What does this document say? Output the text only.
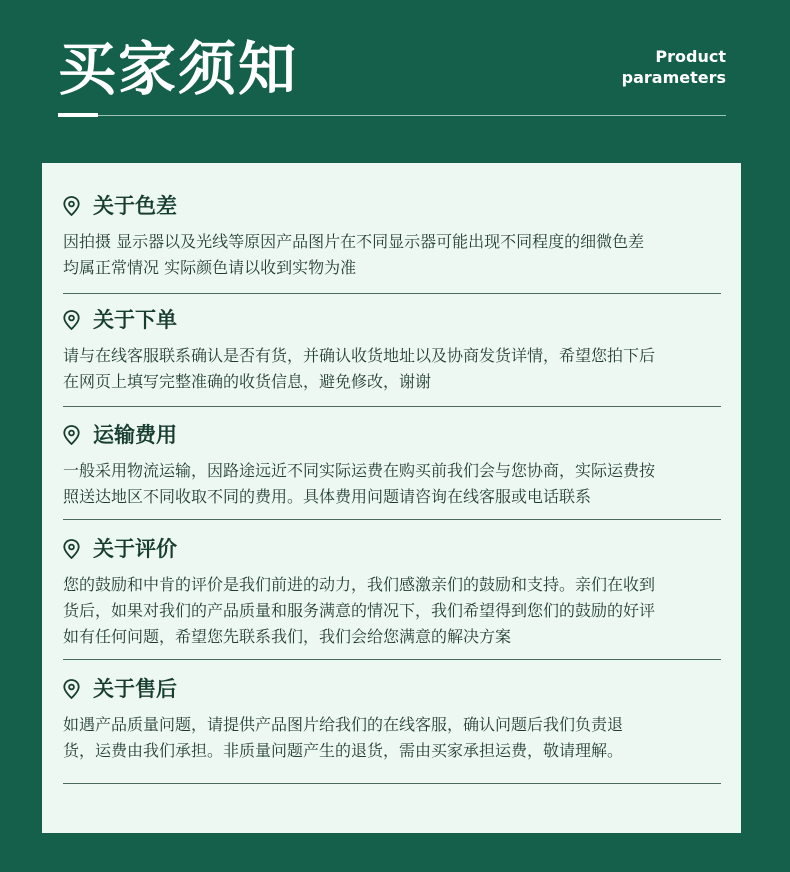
买家须知	Product
parameters
关于色差
因拍摄 显示器以及光线等原因产品图片在不同显示器可能出现不同程度的细微色差
均属正常情况 实际颜色请以收到实物为准
关于下单
请与在线客服联系确认是否有货，并确认收货地址以及协商发货详情，希望您拍下后
在网页上填写完整准确的收货信息，避免修改，谢谢
运输费用
一般采用物流运输，因路途远近不同实际运费在购买前我们会与您协商，实际运费按
照送达地区不同收取不同的费用。具体费用问题请咨询在线客服或电话联系
关于评价
您的鼓励和中肯的评价是我们前进的动力，我们感激亲们的鼓励和支持。亲们在收到
货后，如果对我们的产品质量和服务满意的情况下，我们希望得到您们的鼓励的好评
如有任何问题，希望您先联系我们，我们会给您满意的解决方案
关于售后
如遇产品质量问题，请提供产品图片给我们的在线客服，确认问题后我们负责退
货，运费由我们承担。非质量问题产生的退货，需由买家承担运费，敬请理解。
